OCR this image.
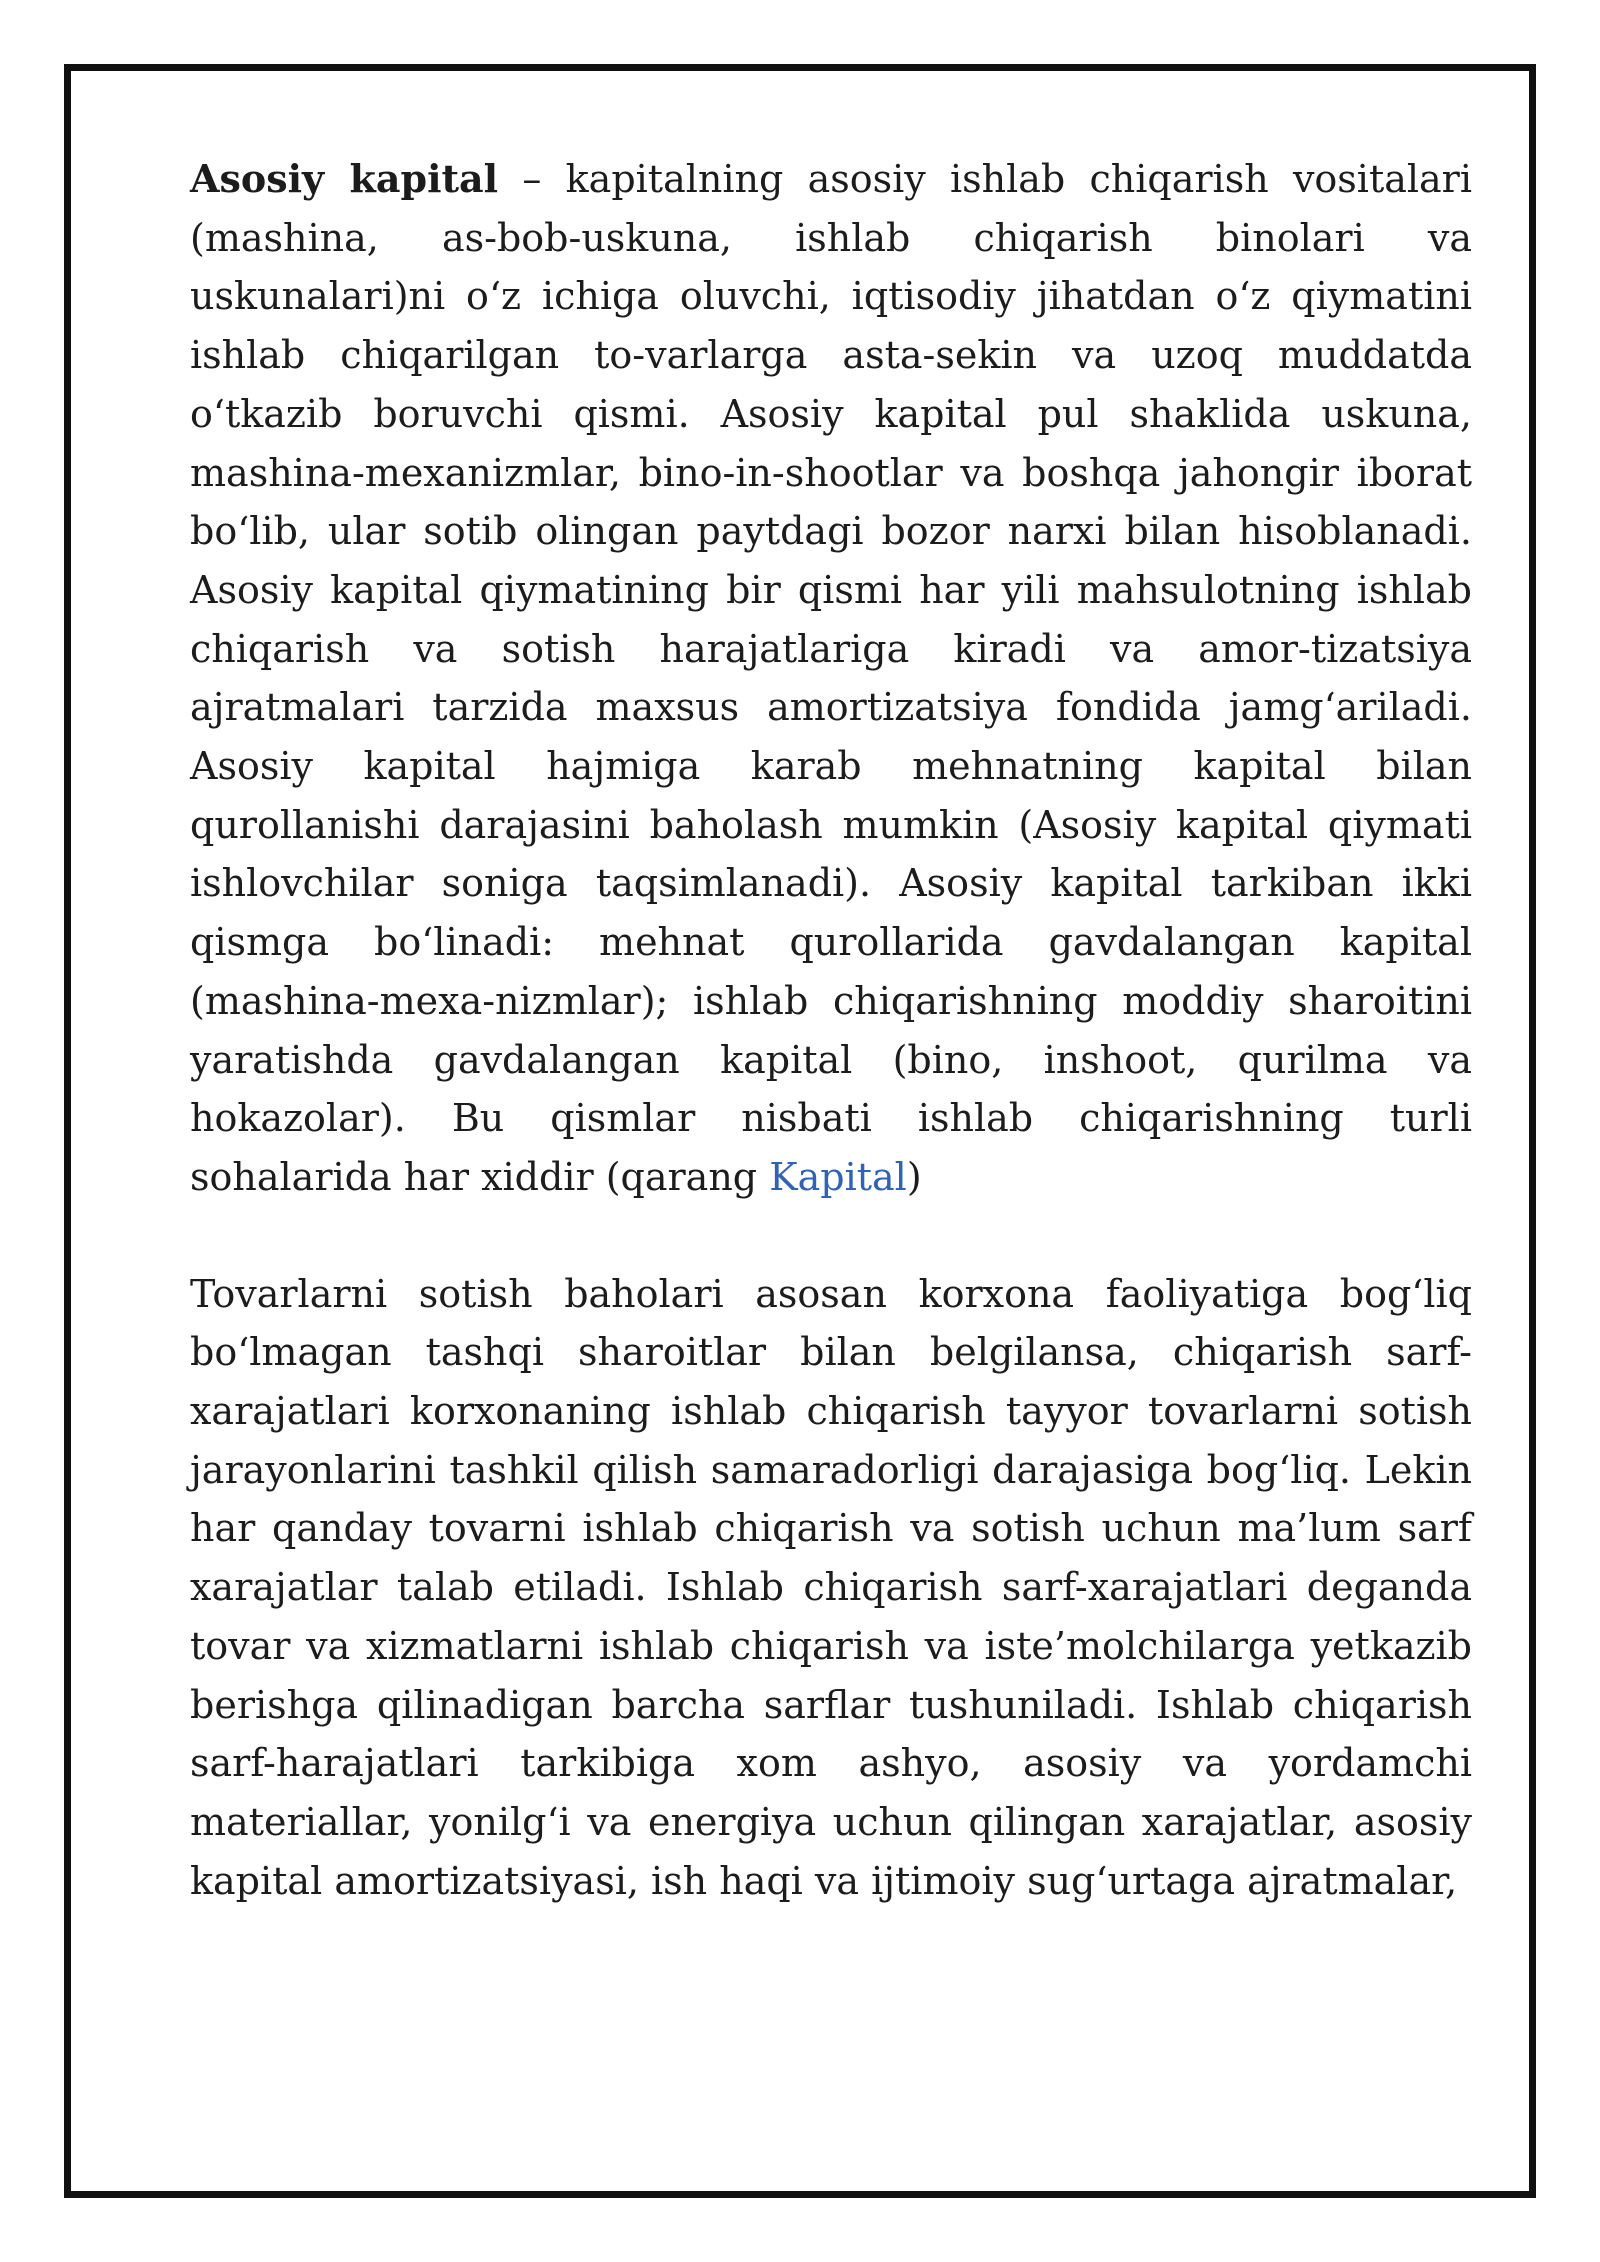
Asosiy kapital – kapitalning asosiy ishlab chiqarish vositalari (mashina, as-bob-uskuna, ishlab chiqarish binolari va uskunalari)ni o‘z ichiga oluvchi, iqtisodiy jihatdan o‘z qiymatini ishlab chiqarilgan to-varlarga asta-sekin va uzoq muddatda o‘tkazib boruvchi qismi. Asosiy kapital pul shaklida uskuna, mashina-mexanizmlar, bino-in-shootlar va boshqa jahongir iborat bo‘lib, ular sotib olingan paytdagi bozor narxi bilan hisoblanadi. Asosiy kapital qiymatining bir qismi har yili mahsulotning ishlab chiqarish va sotish harajatlariga kiradi va amor-tizatsiya ajratmalari tarzida maxsus amortizatsiya fondida jamg‘ariladi. Asosiy kapital hajmiga karab mehnatning kapital bilan qurollanishi darajasini baholash mumkin (Asosiy kapital qiymati ishlovchilar soniga taqsimlanadi). Asosiy kapital tarkiban ikki qismga bo‘linadi: mehnat qurollarida gavdalangan kapital (mashina-mexa-nizmlar); ishlab chiqarishning moddiy sharoitini yaratishda gavdalangan kapital (bino, inshoot, qurilma va hokazolar). Bu qismlar nisbati ishlab chiqarishning turli sohalarida har xiddir (qarang Kapital)

Tovarlarni sotish baholari asosan korxona faoliyatiga bog‘liq bo‘lmagan tashqi sharoitlar bilan belgilansa, chiqarish sarf-xarajatlari korxonaning ishlab chiqarish tayyor tovarlarni sotish jarayonlarini tashkil qilish samaradorligi darajasiga bog‘liq. Lekin har qanday tovarni ishlab chiqarish va sotish uchun ma’lum sarf xarajatlar talab etiladi. Ishlab chiqarish sarf-xarajatlari deganda tovar va xizmatlarni ishlab chiqarish va iste’molchilarga yetkazib berishga qilinadigan barcha sarflar tushuniladi. Ishlab chiqarish sarf-harajatlari tarkibiga xom ashyo, asosiy va yordamchi materiallar, yonilg‘i va energiya uchun qilingan xarajatlar, asosiy kapital amortizatsiyasi, ish haqi va ijtimoiy sug‘urtaga ajratmalar,
